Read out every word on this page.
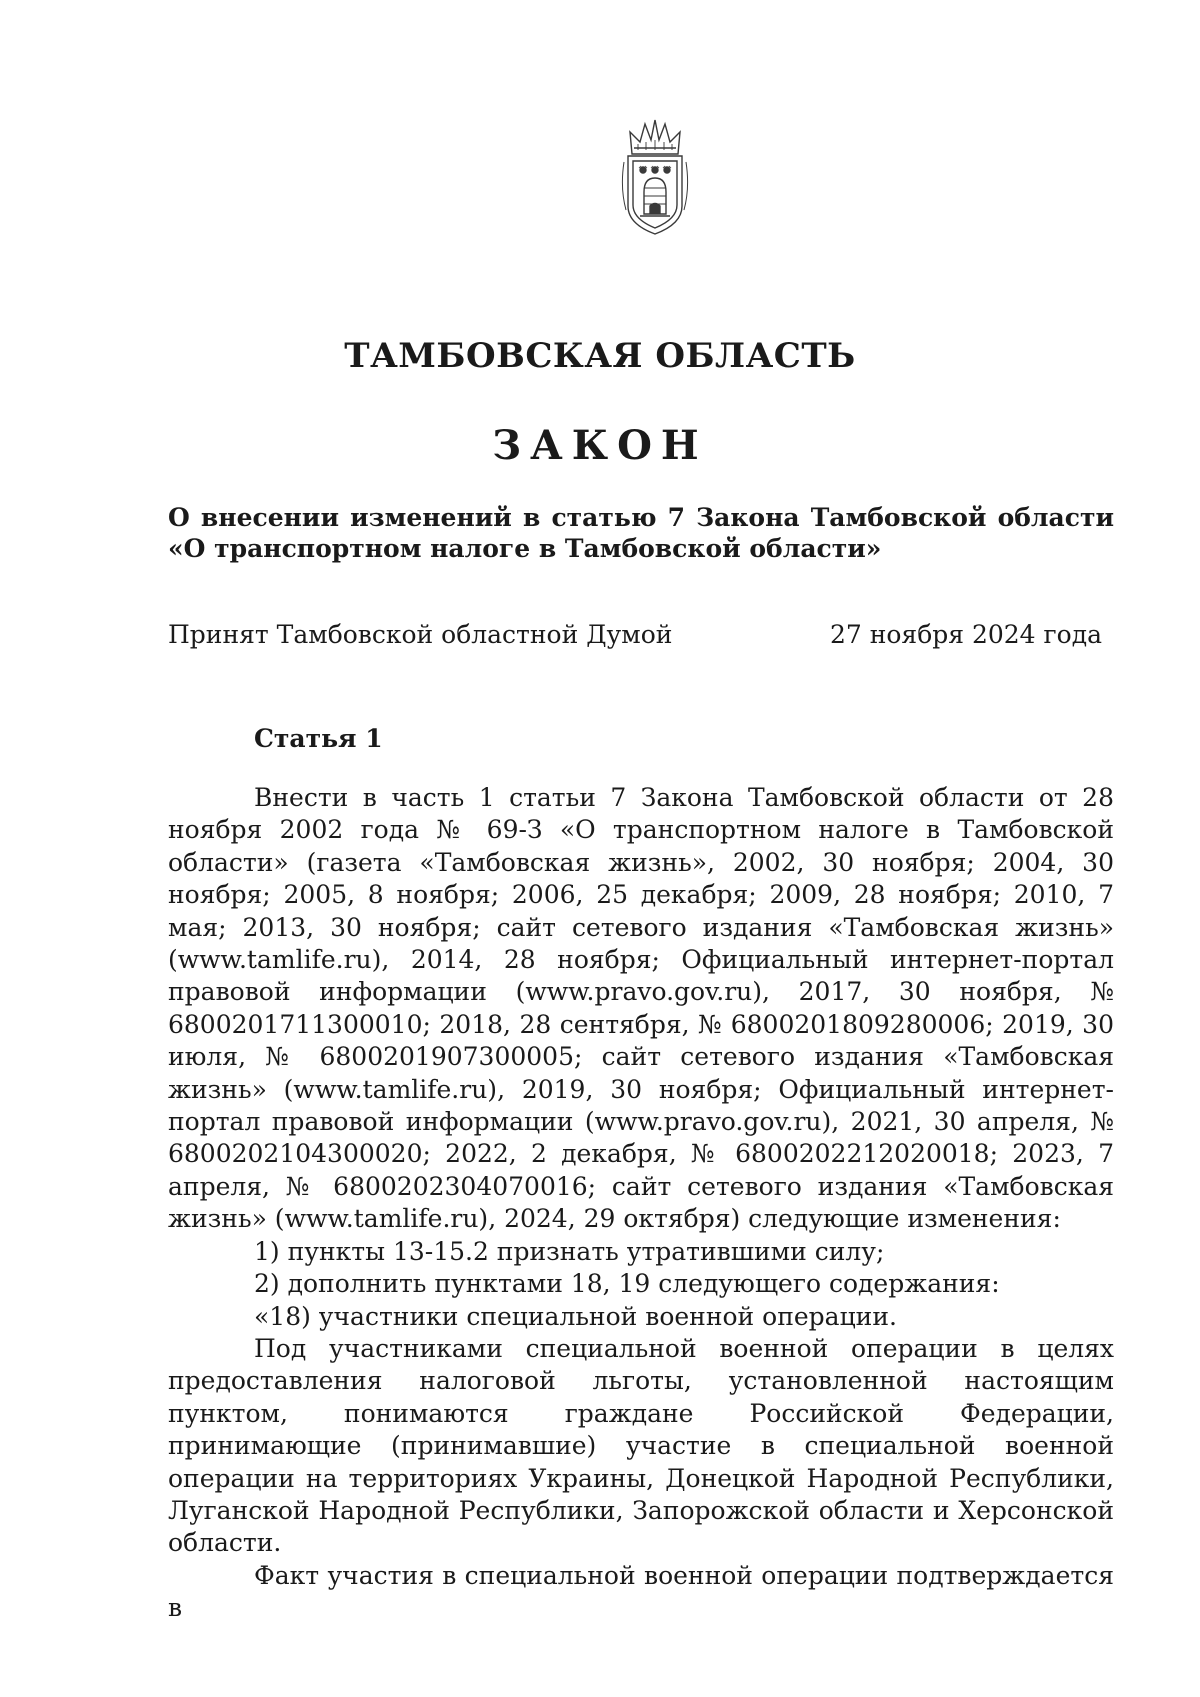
ТАМБОВСКАЯ ОБЛАСТЬ
ЗАКОН
О внесении изменений в статью 7 Закона Тамбовской области
«О транспортном налоге в Тамбовской области»
Принят Тамбовской областной Думой	27 ноября 2024 года
Статья 1

Внести в часть 1 статьи 7 Закона Тамбовской области от 28 ноября 2002 года № 69-З «О транспортном налоге в Тамбовской области» (газета «Тамбовская жизнь», 2002, 30 ноября; 2004, 30 ноября; 2005, 8 ноября; 2006, 25 декабря; 2009, 28 ноября; 2010, 7 мая; 2013, 30 ноября; сайт сетевого издания «Тамбовская жизнь» (www.tamlife.ru), 2014, 28 ноября; Официальный интернет-портал правовой информации (www.pravo.gov.ru), 2017, 30 ноября, № 6800201711300010; 2018, 28 сентября, № 6800201809280006; 2019, 30 июля, № 6800201907300005; сайт сетевого издания «Тамбовская жизнь» (www.tamlife.ru), 2019, 30 ноября; Официальный интернет-портал правовой информации (www.pravo.gov.ru), 2021, 30 апреля, № 6800202104300020; 2022, 2 декабря, № 6800202212020018; 2023, 7 апреля, № 6800202304070016; сайт сетевого издания «Тамбовская жизнь» (www.tamlife.ru), 2024, 29 октября) следующие изменения:

1) пункты 13-15.2 признать утратившими силу;

2) дополнить пунктами 18, 19 следующего содержания:

«18) участники специальной военной операции.

Под участниками специальной военной операции в целях предоставления налоговой льготы, установленной настоящим пунктом, понимаются граждане Российской Федерации, принимающие (принимавшие) участие в специальной военной операции на территориях Украины, Донецкой Народной Республики, Луганской Народной Республики, Запорожской области и Херсонской области.

Факт участия в специальной военной операции подтверждается в
